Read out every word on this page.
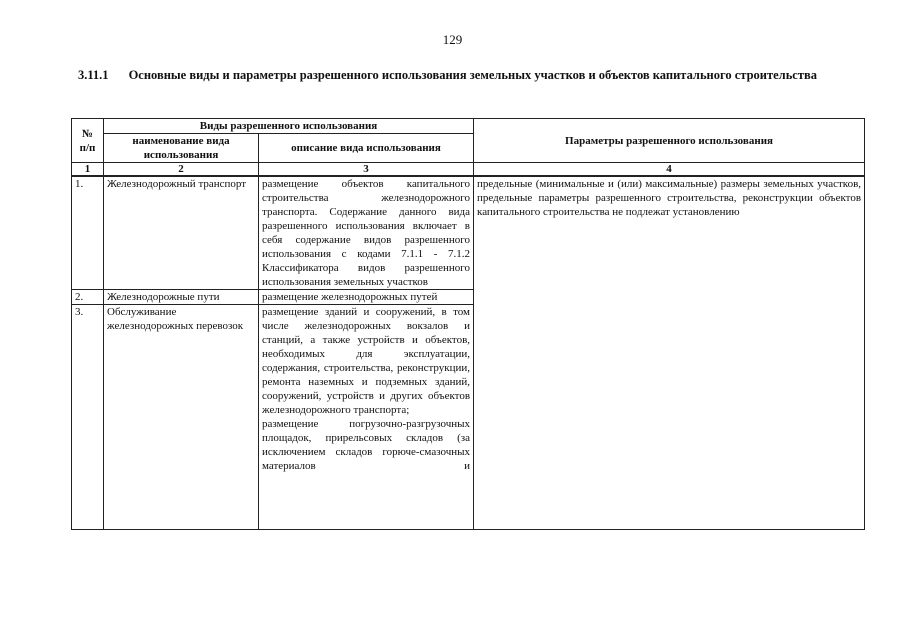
129
3.11.1 Основные виды и параметры разрешенного использования земельных участков и объектов капитального строительства
№ п/п	Виды разрешенного использования		Параметры разрешенного использования
	наименование вида использования	описание вида использования	
1	2	3	4
1.	Железнодорожный транспорт	размещение объектов капитального строительства железнодорожного транспорта. Содержание данного вида разрешенного использования включает в себя содержание видов разрешенного использования с кодами 7.1.1 - 7.1.2 Классификатора видов разрешенного использования земельных участков	предельные (минимальные и (или) максимальные) размеры земельных участков, предельные параметры разрешенного строительства, реконструкции объектов капитального строительства не подлежат установлению
2.	Железнодорожные пути	размещение железнодорожных путей	
3.	Обслуживание железнодорожных перевозок	размещение зданий и сооружений, в том числе железнодорожных вокзалов и станций, а также устройств и объектов, необходимых для эксплуатации, содержания, строительства, реконструкции, ремонта наземных и подземных зданий, сооружений, устройств и других объектов железнодорожного транспорта;
размещение погрузочно-разгрузочных площадок, прирельсовых складов (за исключением складов горюче-смазочных материалов и	
